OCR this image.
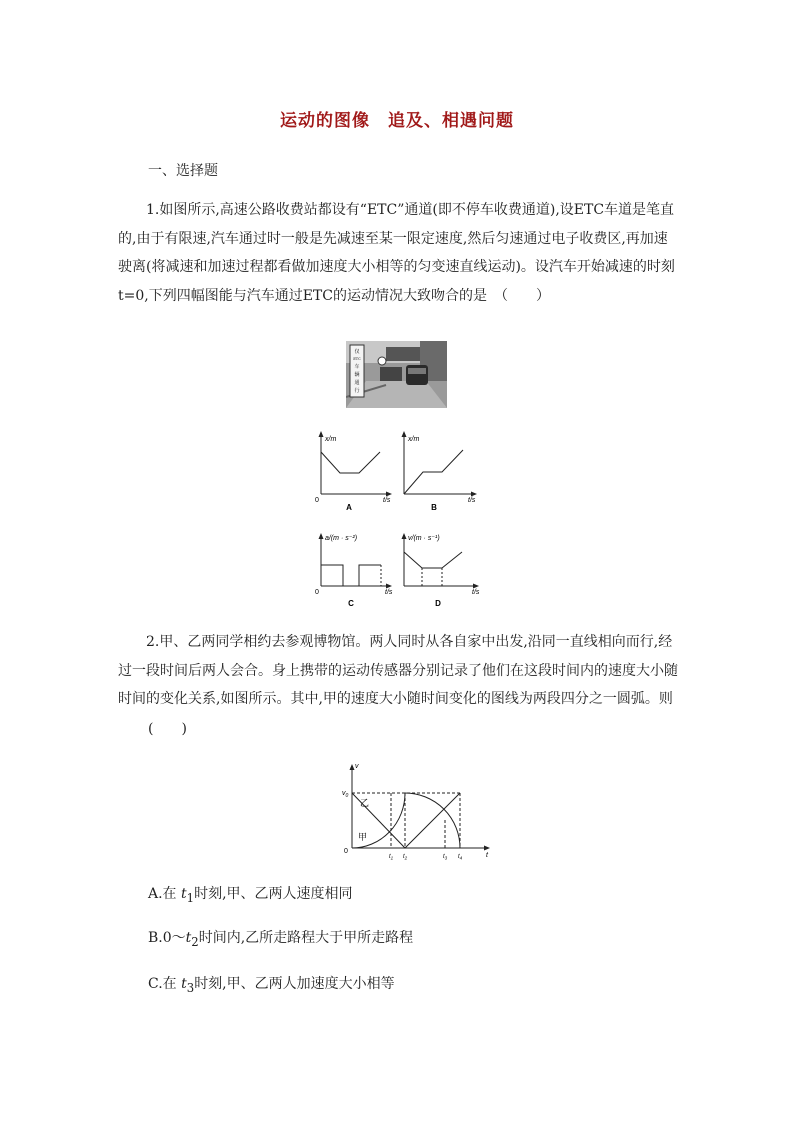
运动的图像　追及、相遇问题
一、选择题
1.如图所示,高速公路收费站都设有“ETC”通道(即不停车收费通道),设ETC车道是笔直的,由于有限速,汽车通过时一般是先减速至某一限定速度,然后匀速通过电子收费区,再加速驶离(将减速和加速过程都看做加速度大小相等的匀变速直线运动)。设汽车开始减速的时刻 t=0,下列四幅图能与汽车通过ETC的运动情况大致吻合的是　（　　）
仅
ETC
车
辆
通
行
x/m
t/s
0
A
x/m
t/s
B
a/(m · s⁻²)
t/s
0
C
v/(m · s⁻¹)
t/s
D
2.甲、乙两同学相约去参观博物馆。两人同时从各自家中出发,沿同一直线相向而行,经过一段时间后两人会合。身上携带的运动传感器分别记录了他们在这段时间内的速度大小随时间的变化关系,如图所示。其中,甲的速度大小随时间变化的图线为两段四分之一圆弧。则
(　　)
v
t
$v_0$
0
乙
甲
$t_1$ $t_2$	$t_3$ $t_4$
A.在 $t_1$时刻,甲、乙两人速度相同
$B.0\sim t_2$时间内,乙所走路程大于甲所走路程
C.在 $t_3$时刻,甲、乙两人加速度大小相等
